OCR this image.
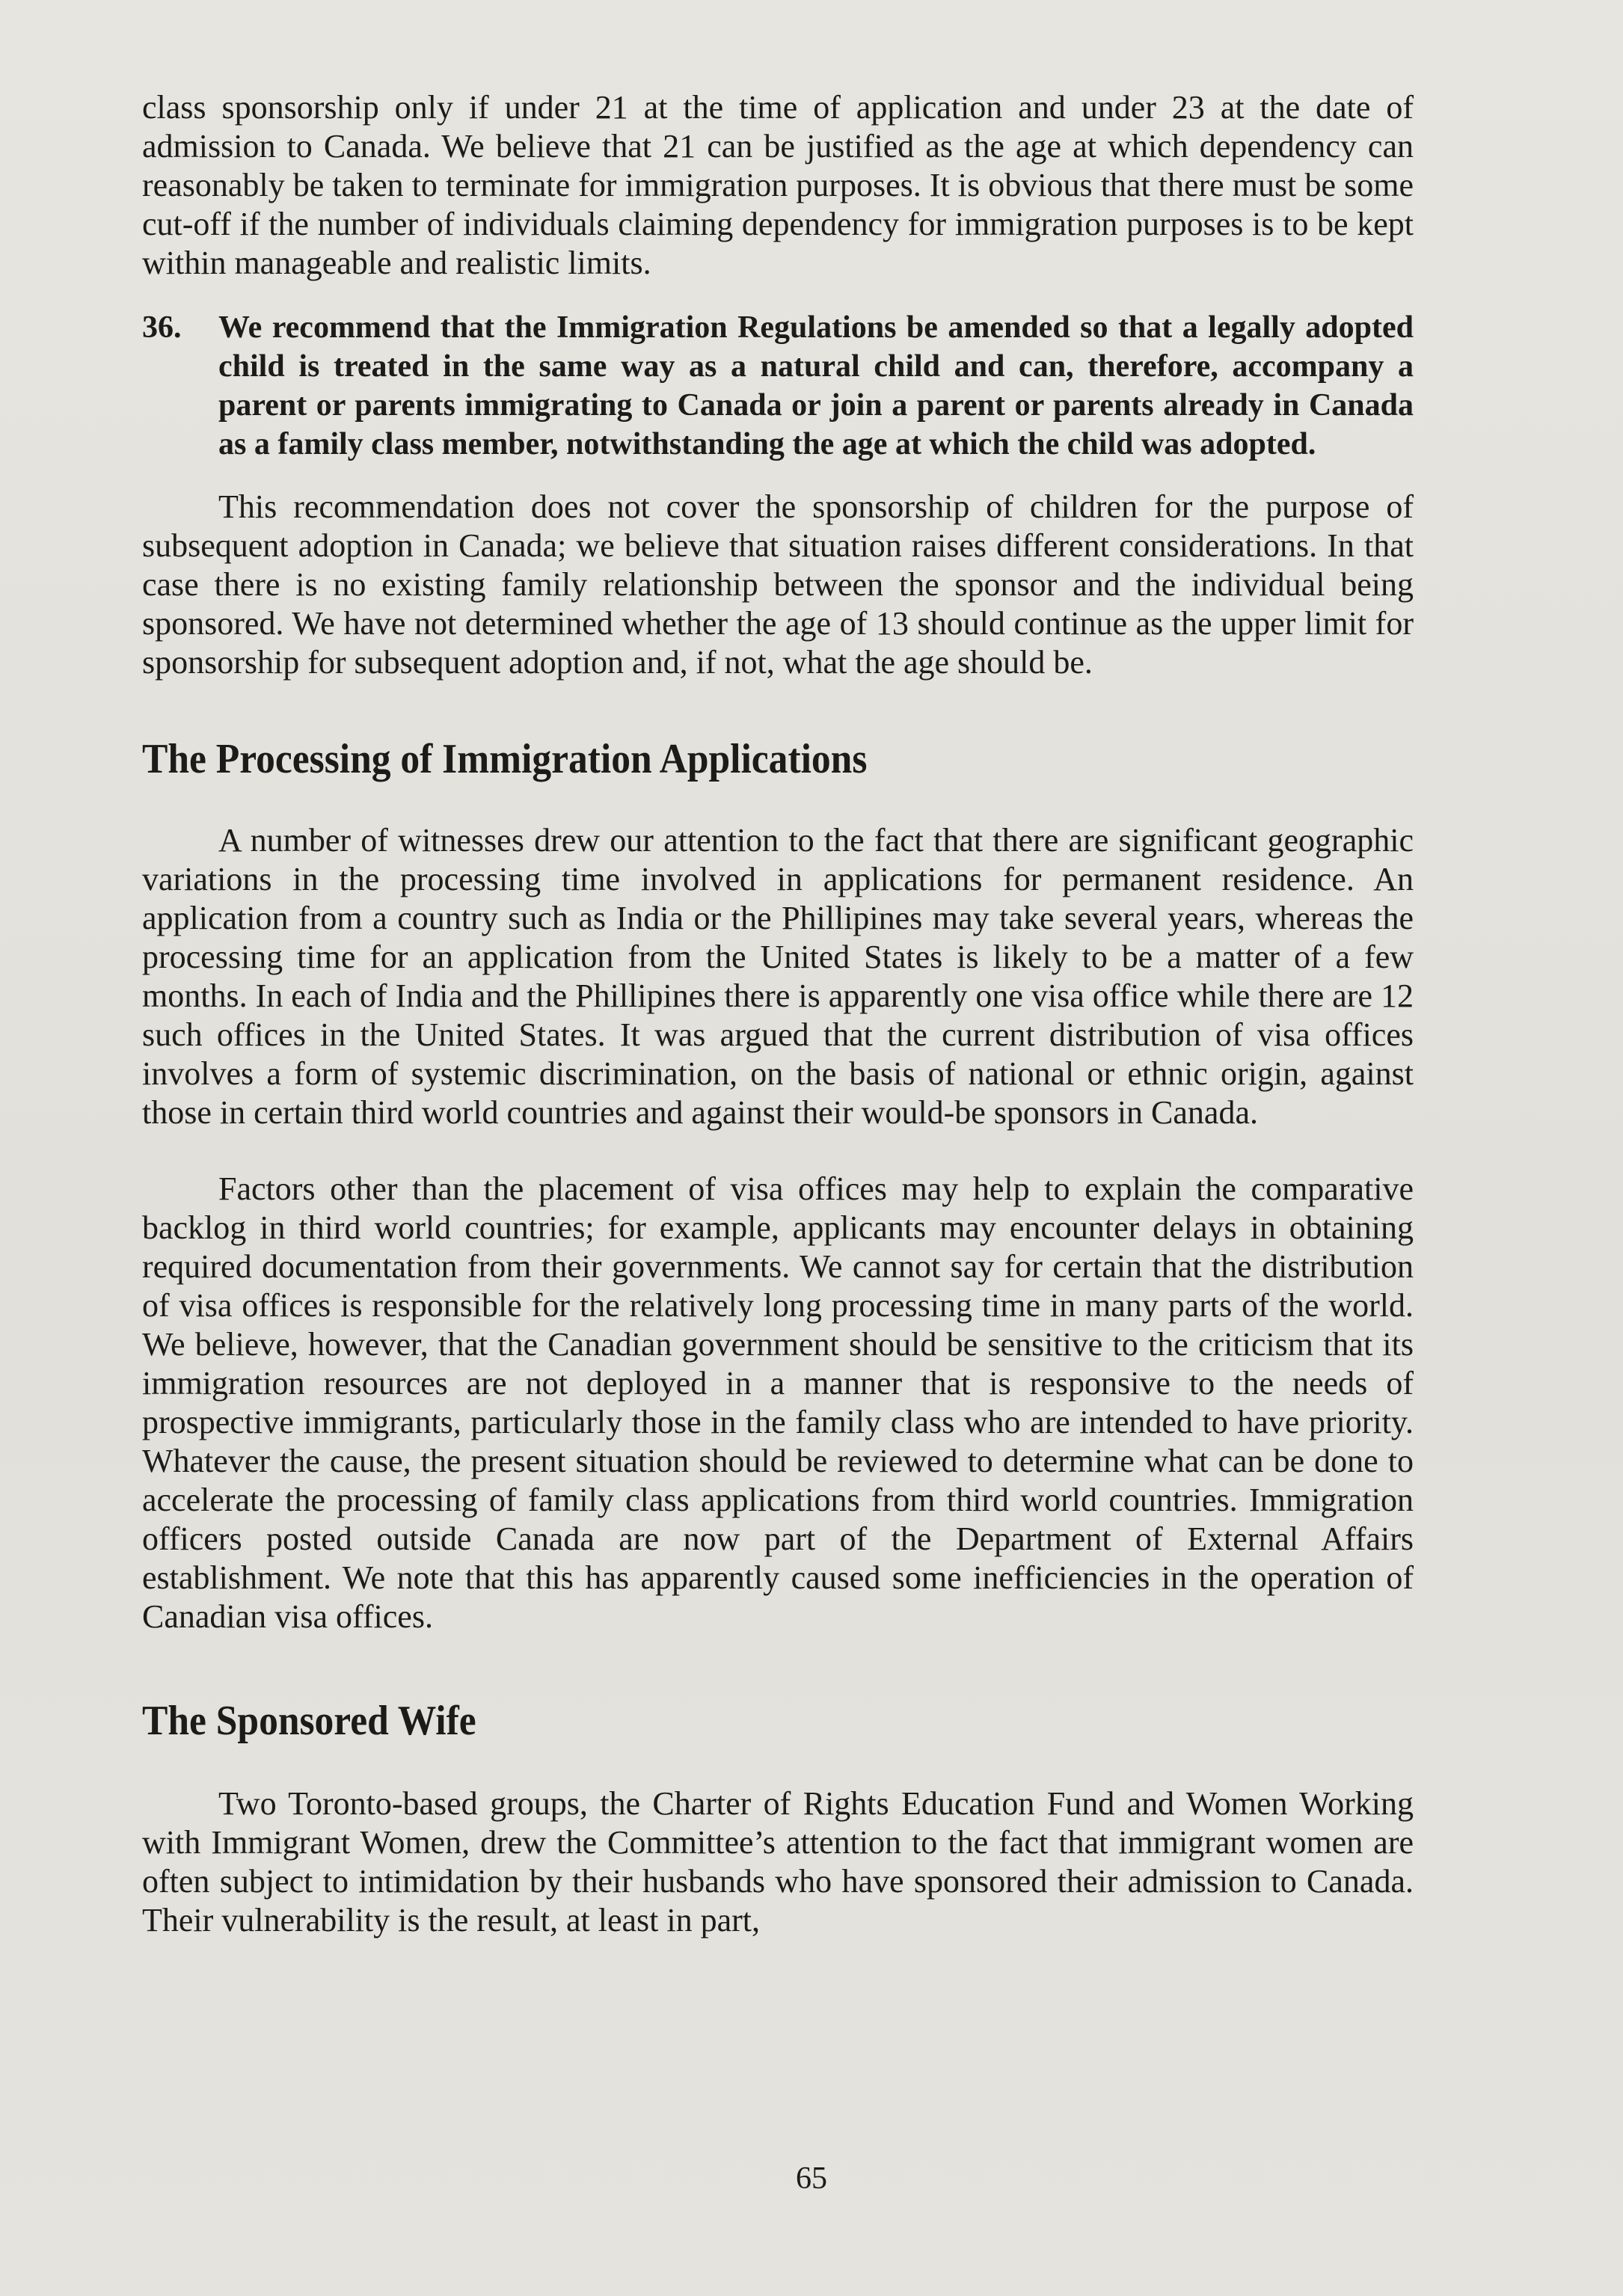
class sponsorship only if under 21 at the time of application and under 23 at the date of admission to Canada. We believe that 21 can be justified as the age at which dependency can reasonably be taken to terminate for immigration purposes. It is obvious that there must be some cut-off if the number of individuals claiming dependency for immigration purposes is to be kept within manageable and realistic limits.

36.	We recommend that the Immigration Regulations be amended so that a legally adopted child is treated in the same way as a natural child and can, therefore, accompany a parent or parents immigrating to Canada or join a parent or parents already in Canada as a family class member, notwithstanding the age at which the child was adopted.

This recommendation does not cover the sponsorship of children for the purpose of subsequent adoption in Canada; we believe that situation raises different considerations. In that case there is no existing family relationship between the sponsor and the individual being sponsored. We have not determined whether the age of 13 should continue as the upper limit for sponsorship for subsequent adoption and, if not, what the age should be.

The Processing of Immigration Applications

A number of witnesses drew our attention to the fact that there are significant geographic variations in the processing time involved in applications for permanent residence. An application from a country such as India or the Phillipines may take several years, whereas the processing time for an application from the United States is likely to be a matter of a few months. In each of India and the Phillipines there is apparently one visa office while there are 12 such offices in the United States. It was argued that the current distribution of visa offices involves a form of systemic discrimination, on the basis of national or ethnic origin, against those in certain third world countries and against their would-be sponsors in Canada.

Factors other than the placement of visa offices may help to explain the comparative backlog in third world countries; for example, applicants may encounter delays in obtaining required documentation from their governments. We cannot say for certain that the distribution of visa offices is responsible for the relatively long processing time in many parts of the world. We believe, however, that the Canadian government should be sensitive to the criticism that its immigration resources are not deployed in a manner that is responsive to the needs of prospective immigrants, particularly those in the family class who are intended to have priority. Whatever the cause, the present situation should be reviewed to determine what can be done to accelerate the processing of family class applications from third world countries. Immigration officers posted outside Canada are now part of the Department of External Affairs establishment. We note that this has apparently caused some inefficiencies in the operation of Canadian visa offices.

The Sponsored Wife

Two Toronto-based groups, the Charter of Rights Education Fund and Women Working with Immigrant Women, drew the Committee’s attention to the fact that immigrant women are often subject to intimidation by their husbands who have sponsored their admission to Canada. Their vulnerability is the result, at least in part,

65
